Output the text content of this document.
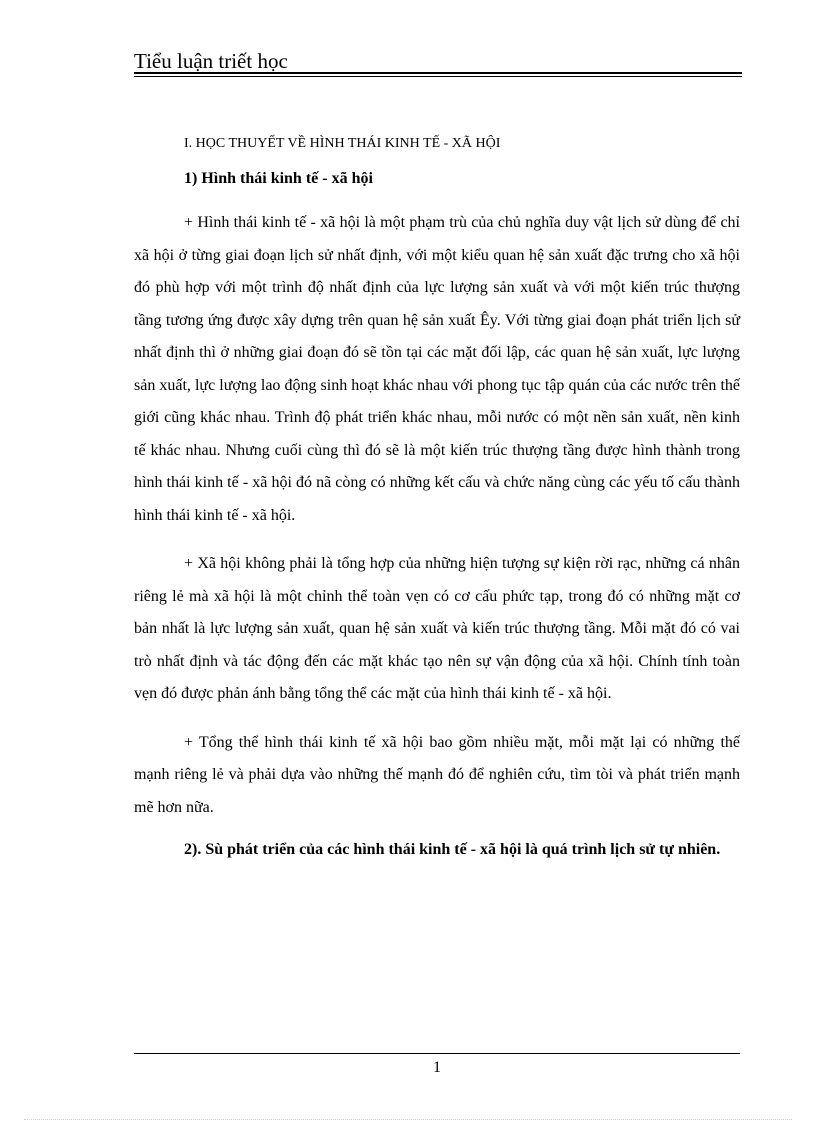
Tiểu luận triết học
I. HỌC THUYẾT VỀ HÌNH THÁI KINH TẾ - XÃ HỘI
1) Hình thái kinh tế - xã hội

+ Hình thái kinh tế - xã hội là một phạm trù của chủ nghĩa duy vật lịch sử dùng để chỉ xã hội ở từng giai đoạn lịch sử nhất định, với một kiểu quan hệ sản xuất đặc trưng cho xã hội đó phù hợp với một trình độ nhất định của lực lượng sản xuất và với một kiến trúc thượng tầng tương ứng được xây dựng trên quan hệ sản xuất Êy. Với từng giai đoạn phát triển lịch sử nhất định thì ở những giai đoạn đó sẽ tồn tại các mặt đối lập, các quan hệ sản xuất, lực lượng sản xuất, lực lượng lao động sinh hoạt khác nhau với phong tục tập quán của các nước trên thế giới cũng khác nhau. Trình độ phát triển khác nhau, mỗi nước có một nền sản xuất, nền kinh tế khác nhau. Nhưng cuối cùng thì đó sẽ là một kiến trúc thượng tầng được hình thành trong hình thái kinh tế - xã hội đó nã còng có những kết cấu và chức năng cùng các yếu tố cấu thành hình thái kinh tế - xã hội.

+ Xã hội không phải là tổng hợp của những hiện tượng sự kiện rời rạc, những cá nhân riêng lẻ mà xã hội là một chỉnh thể toàn vẹn có cơ cấu phức tạp, trong đó có những mặt cơ bản nhất là lực lượng sản xuất, quan hệ sản xuất và kiến trúc thượng tầng. Mỗi mặt đó có vai trò nhất định và tác động đến các mặt khác tạo nên sự vận động của xã hội. Chính tính toàn vẹn đó được phản ánh bằng tổng thể các mặt của hình thái kinh tế - xã hội.

+ Tổng thể hình thái kinh tế xã hội bao gồm nhiều mặt, mỗi mặt lại có những thế mạnh riêng lẻ và phải dựa vào những thế mạnh đó để nghiên cứu, tìm tòi và phát triển mạnh mẽ hơn nữa.

2). Sù phát triển của các hình thái kinh tế - xã hội là quá trình lịch sử tự nhiên.

1
